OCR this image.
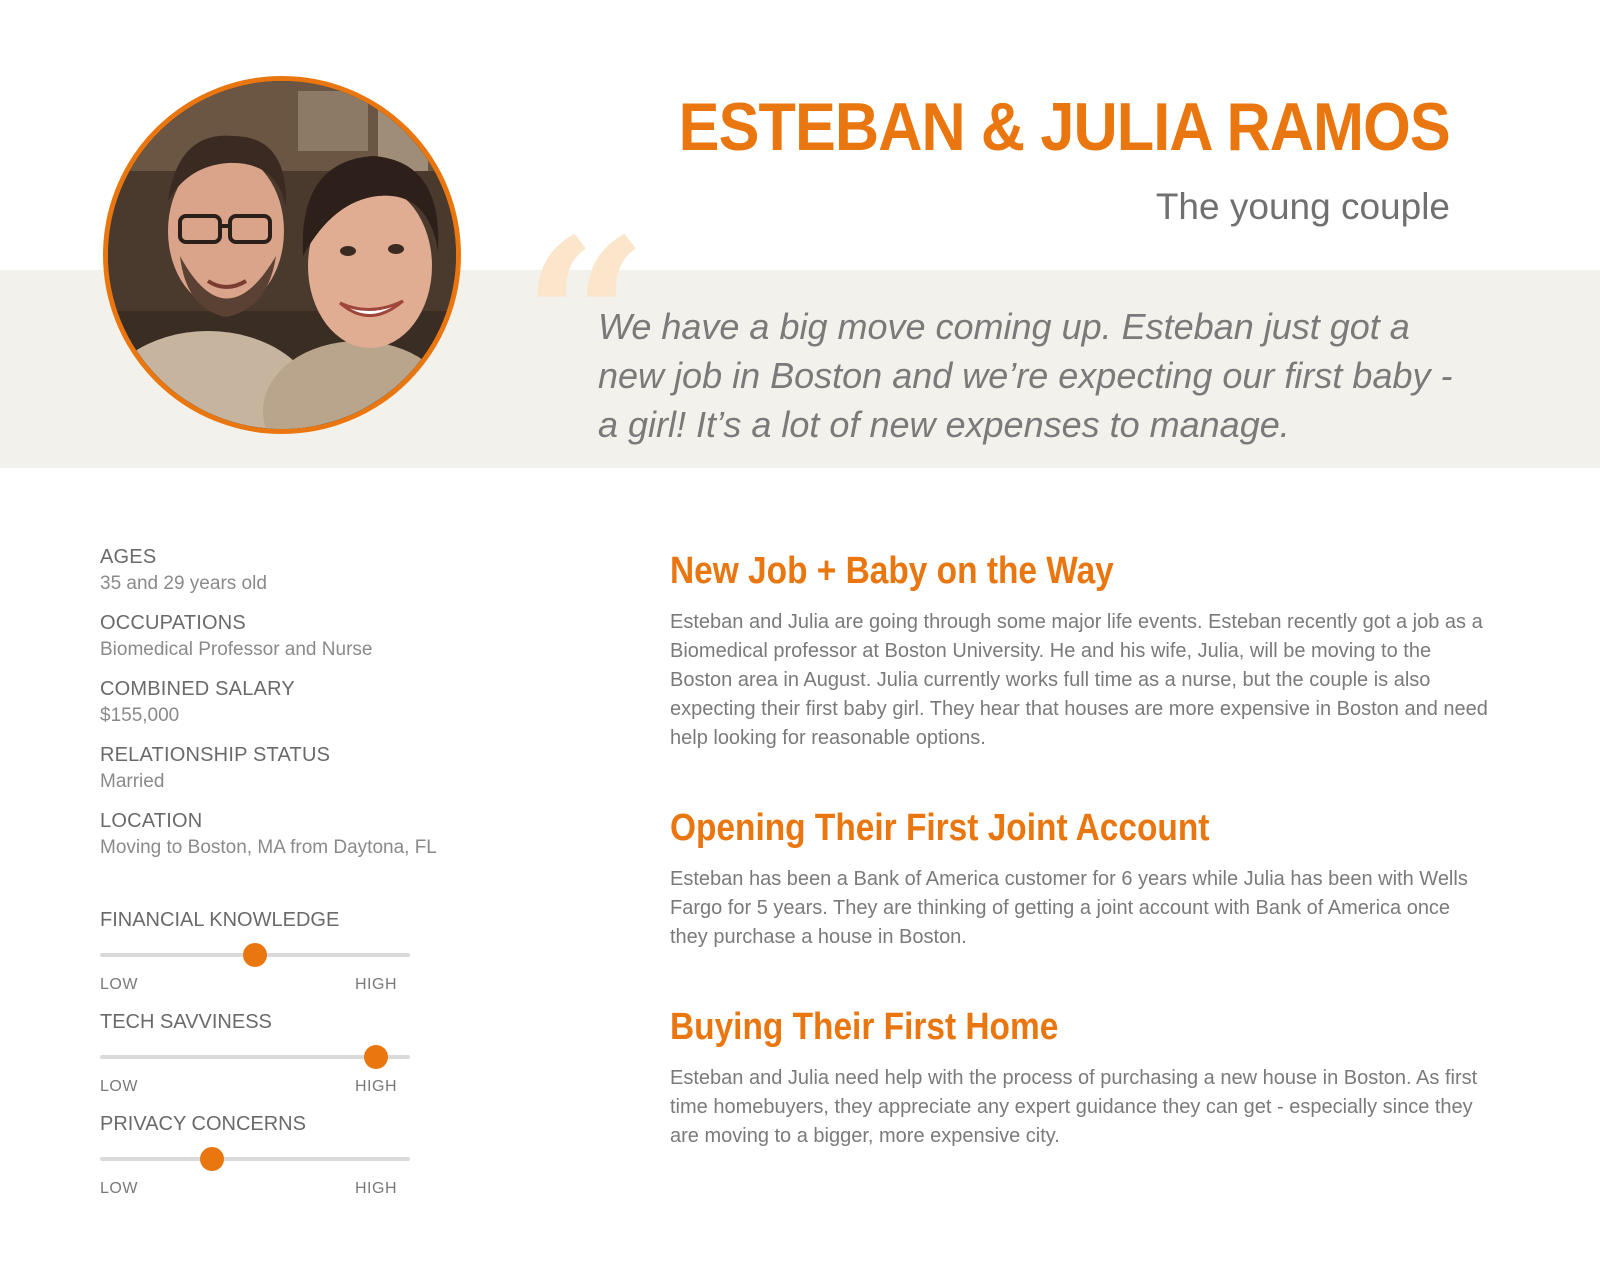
ESTEBAN & JULIA RAMOS

The young couple

“

We have a big move coming up. Esteban just got a new job in Boston and we’re expecting our first baby - a girl! It’s a lot of new expenses to manage.

AGES
35 and 29 years old
OCCUPATIONS
Biomedical Professor and Nurse
COMBINED SALARY
$155,000
RELATIONSHIP STATUS
Married
LOCATION
Moving to Boston, MA from Daytona, FL
FINANCIAL KNOWLEDGE
LOW	HIGH
TECH SAVVINESS
LOW	HIGH
PRIVACY CONCERNS
LOW	HIGH
New Job + Baby on the Way

Esteban and Julia are going through some major life events. Esteban recently got a job as a Biomedical professor at Boston University. He and his wife, Julia, will be moving to the Boston area in August. Julia currently works full time as a nurse, but the couple is also expecting their first baby girl. They hear that houses are more expensive in Boston and need help looking for reasonable options.

Opening Their First Joint Account

Esteban has been a Bank of America customer for 6 years while Julia has been with Wells Fargo for 5 years. They are thinking of getting a joint account with Bank of America once they purchase a house in Boston.

Buying Their First Home

Esteban and Julia need help with the process of purchasing a new house in Boston. As first time homebuyers, they appreciate any expert guidance they can get - especially since they are moving to a bigger, more expensive city.
